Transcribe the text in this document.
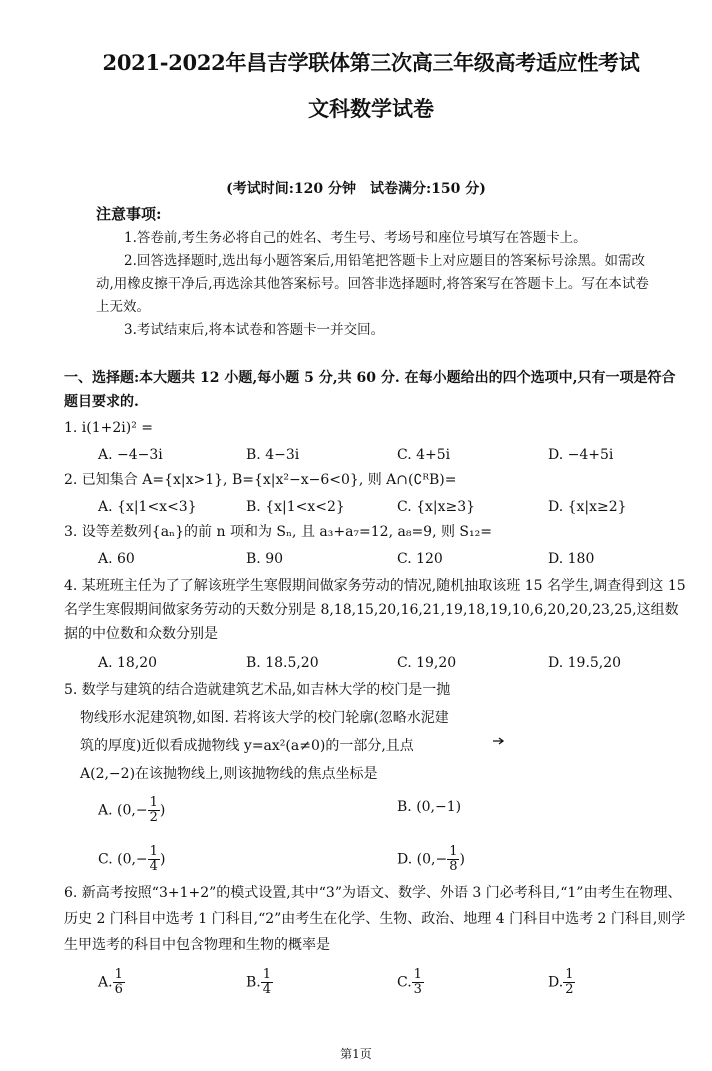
2021-2022年昌吉学联体第三次高三年级高考适应性考试
文科数学试卷
(考试时间:120 分钟　试卷满分:150 分)
注意事项:
1.答卷前,考生务必将自己的姓名、考生号、考场号和座位号填写在答题卡上。
2.回答选择题时,选出每小题答案后,用铅笔把答题卡上对应题目的答案标号涂黑。如需改动,用橡皮擦干净后,再选涂其他答案标号。回答非选择题时,将答案写在答题卡上。写在本试卷上无效。
3.考试结束后,将本试卷和答题卡一并交回。
一、选择题:本大题共 12 小题,每小题 5 分,共 60 分. 在每小题给出的四个选项中,只有一项是符合题目要求的.
1. i(1+2i)² =
A. −4−3i	B. 4−3i	C. 4+5i	D. −4+5i
2. 已知集合 A={x|x>1}, B={x|x²−x−6<0}, 则 A∩(∁ᴿB)=
A. {x|1<x<3}	B. {x|1<x<2}	C. {x|x≥3}	D. {x|x≥2}
3. 设等差数列{aₙ}的前 n 项和为 Sₙ, 且 a₃+a₇=12, a₈=9, 则 S₁₂=
A. 60	B. 90	C. 120	D. 180
4. 某班班主任为了了解该班学生寒假期间做家务劳动的情况,随机抽取该班 15 名学生,调查得到这 15 名学生寒假期间做家务劳动的天数分别是 8,18,15,20,16,21,19,18,19,10,6,20,20,23,25,这组数据的中位数和众数分别是
A. 18,20	B. 18.5,20	C. 19,20	D. 19.5,20
5. 数学与建筑的结合造就建筑艺术品,如吉林大学的校门是一抛
物线形水泥建筑物,如图. 若将该大学的校门轮廓(忽略水泥建
筑的厚度)近似看成抛物线 y=ax²(a≠0)的一部分,且点
A(2,−2)在该抛物线上,则该抛物线的焦点坐标是
A. ($0,- \frac{1}{2}$ )	B. (0,−1)
C. ($0,- \frac{1}{4}$ )	D. ($0,- \frac{1}{8}$ )
6. 新高考按照“3+1+2”的模式设置,其中“3”为语文、数学、外语 3 门必考科目,“1”由考生在物理、历史 2 门科目中选考 1 门科目,“2”由考生在化学、生物、政治、地理 4 门科目中选考 2 门科目,则学生甲选考的科目中包含物理和生物的概率是
A. $\frac{1}{6}$	B. $\frac{1}{4}$	C. $\frac{1}{3}$	D. $\frac{1}{2}$
第1页
